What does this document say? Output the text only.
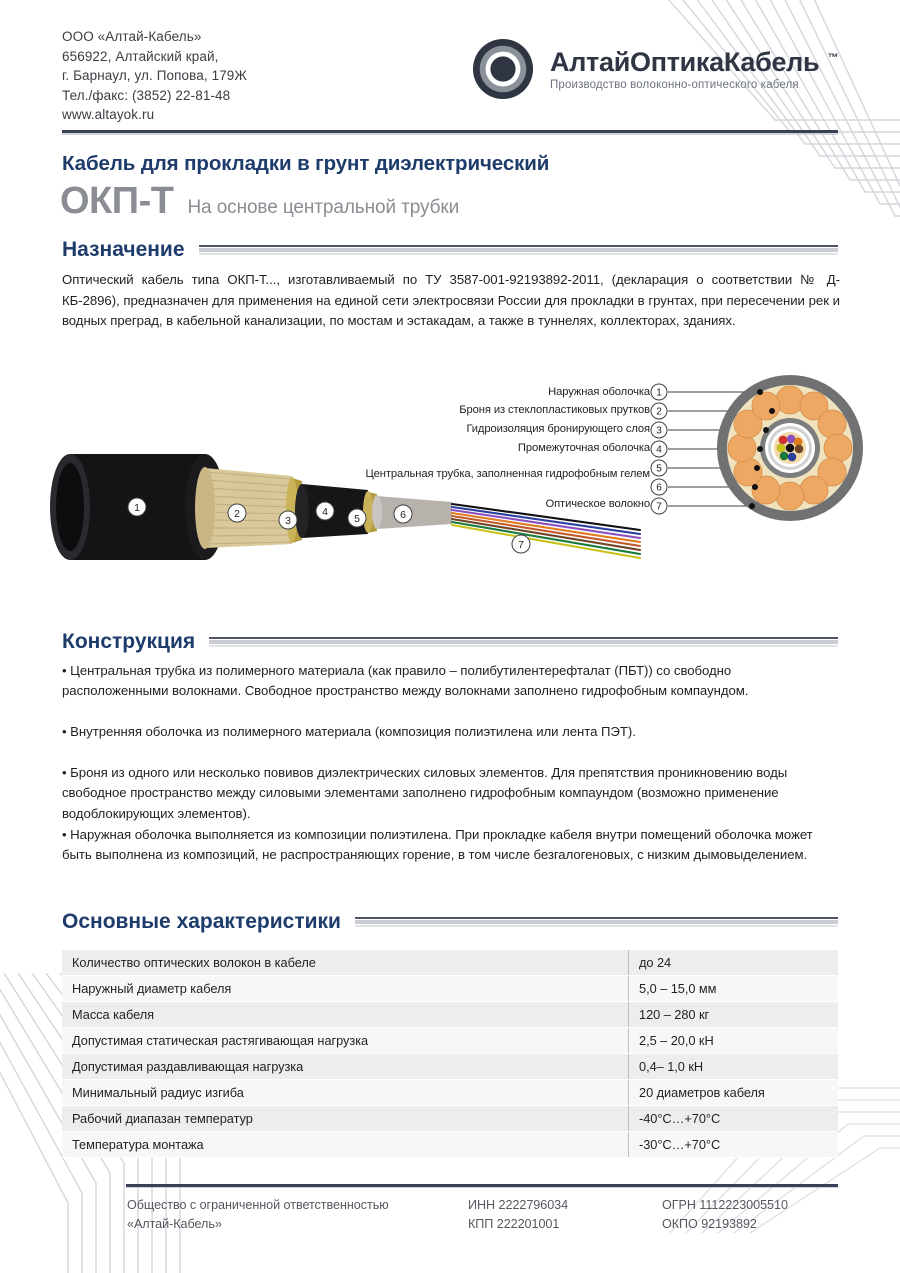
ООО «Алтай-Кабель»
656922, Алтайский край,
г. Барнаул, ул. Попова, 179Ж
Тел./факс: (3852) 22-81-48
www.altayok.ru
АлтайОптикаКабель ™
Производство волоконно-оптического кабеля
Кабель для прокладки в грунт диэлектрический
ОКП-Т На основе центральной трубки
Назначение
Оптический кабель типа ОКП-Т..., изготавливаемый по ТУ 3587-001-92193892-2011, (декларация о соответствии № Д-КБ-2896), предназначен для применения на единой сети электросвязи России для прокладки в грунтах, при пересечении рек и водных преград, в кабельной канализации, по мостам и эстакадам, а также в туннелях, коллекторах, зданиях.
Наружная оболочка
Броня из стеклопластиковых прутков
Гидроизоляция бронирующего слоя
Промежуточная оболочка
Центральная трубка, заполненная гидрофобным гелем
Оптическое волокно
1
2
3
4
5
6
7
1	2
3
4
5	6
7
Конструкция
• Центральная трубка из полимерного материала (как правило – полибутилентерефталат (ПБТ)) со свободно расположенными волокнами. Свободное пространство между волокнами заполнено гидрофобным компаундом.
• Внутренняя оболочка из полимерного материала (композиция полиэтилена или лента ПЭТ).
• Броня из одного или несколько повивов диэлектрических силовых элементов. Для препятствия проникновению воды свободное пространство между силовыми элементами заполнено гидрофобным компаундом (возможно применение водоблокирующих элементов).
• Наружная оболочка выполняется из композиции полиэтилена. При прокладке кабеля внутри помещений оболочка может быть выполнена из композиций, не распространяющих горение, в том числе безгалогеновых, с низким дымовыделением.
Основные характеристики
Количество оптических волокон в кабеле	до 24
Наружный диаметр кабеля	5,0 – 15,0 мм
Масса кабеля	120 – 280 кг
Допустимая статическая растягивающая нагрузка	2,5 – 20,0 кН
Допустимая раздавливающая нагрузка	0,4– 1,0 кН
Минимальный радиус изгиба	20 диаметров кабеля
Рабочий диапазан температур	-40°С…+70°С
Температура монтажа	-30°С…+70°С
Общество с ограниченной ответственностью
«Алтай-Кабель»
ИНН 2222796034
КПП 222201001
ОГРН 1112223005510
ОКПО 92193892
